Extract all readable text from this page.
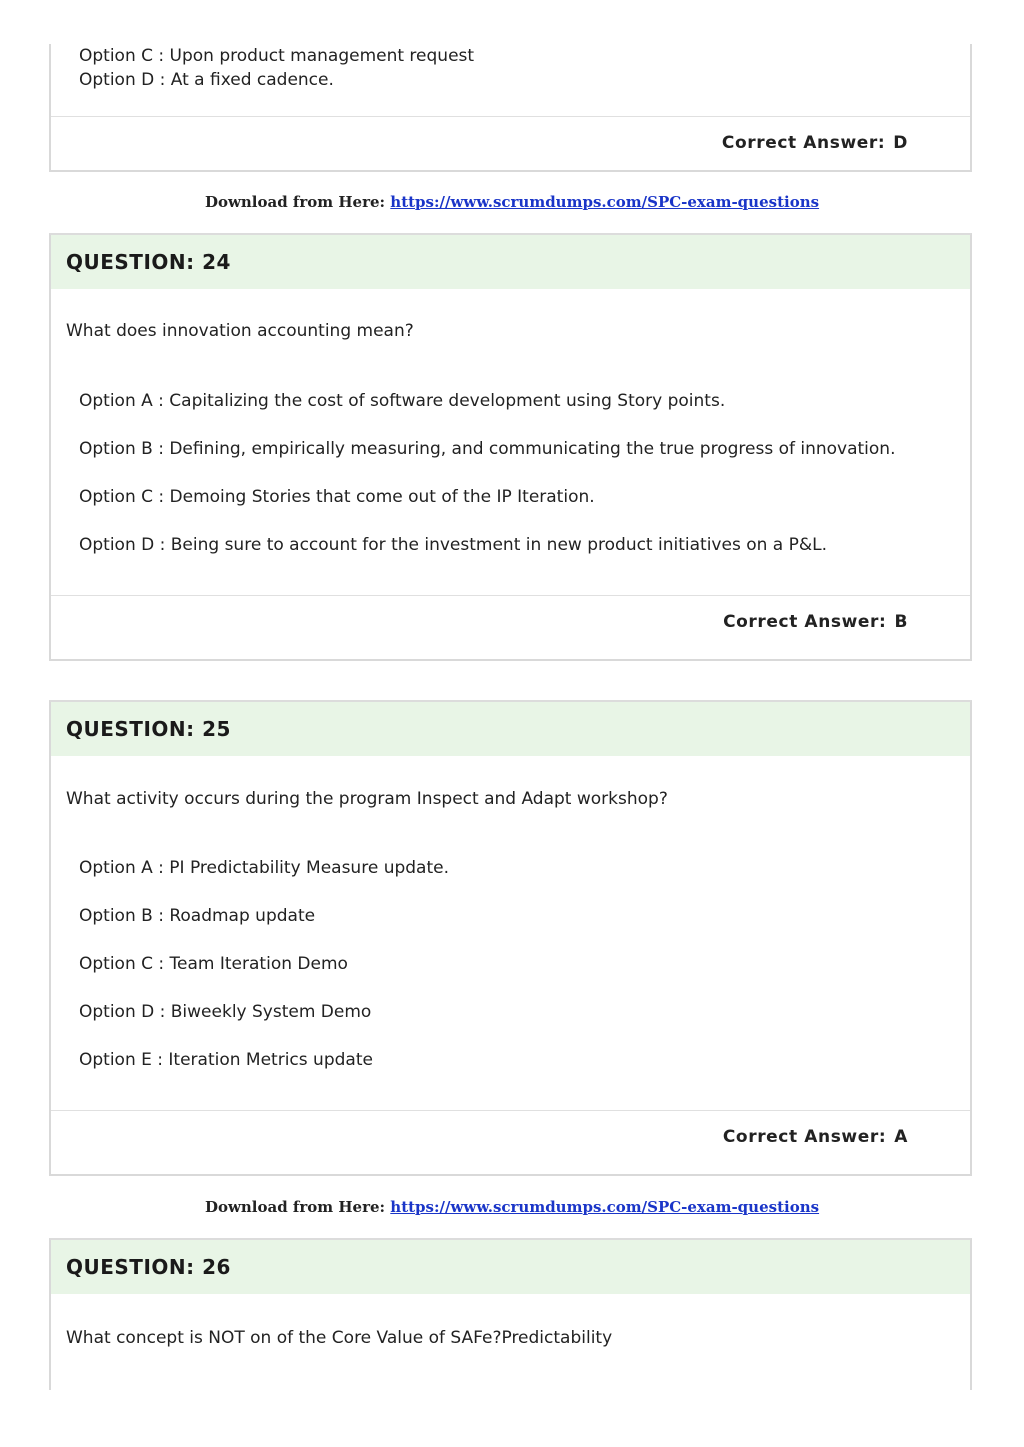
Option C : Upon product management request
Option D : At a fixed cadence.
Correct Answer: D
Download from Here: https://www.scrumdumps.com/SPC-exam-questions
QUESTION: 24
What does innovation accounting mean?
Option A : Capitalizing the cost of software development using Story points.
Option B : Defining, empirically measuring, and communicating the true progress of innovation.
Option C : Demoing Stories that come out of the IP Iteration.
Option D : Being sure to account for the investment in new product initiatives on a P&L.
Correct Answer: B
QUESTION: 25
What activity occurs during the program Inspect and Adapt workshop?
Option A : PI Predictability Measure update.
Option B : Roadmap update
Option C : Team Iteration Demo
Option D : Biweekly System Demo
Option E : Iteration Metrics update
Correct Answer: A
Download from Here: https://www.scrumdumps.com/SPC-exam-questions
QUESTION: 26
What concept is NOT on of the Core Value of SAFe?Predictability
